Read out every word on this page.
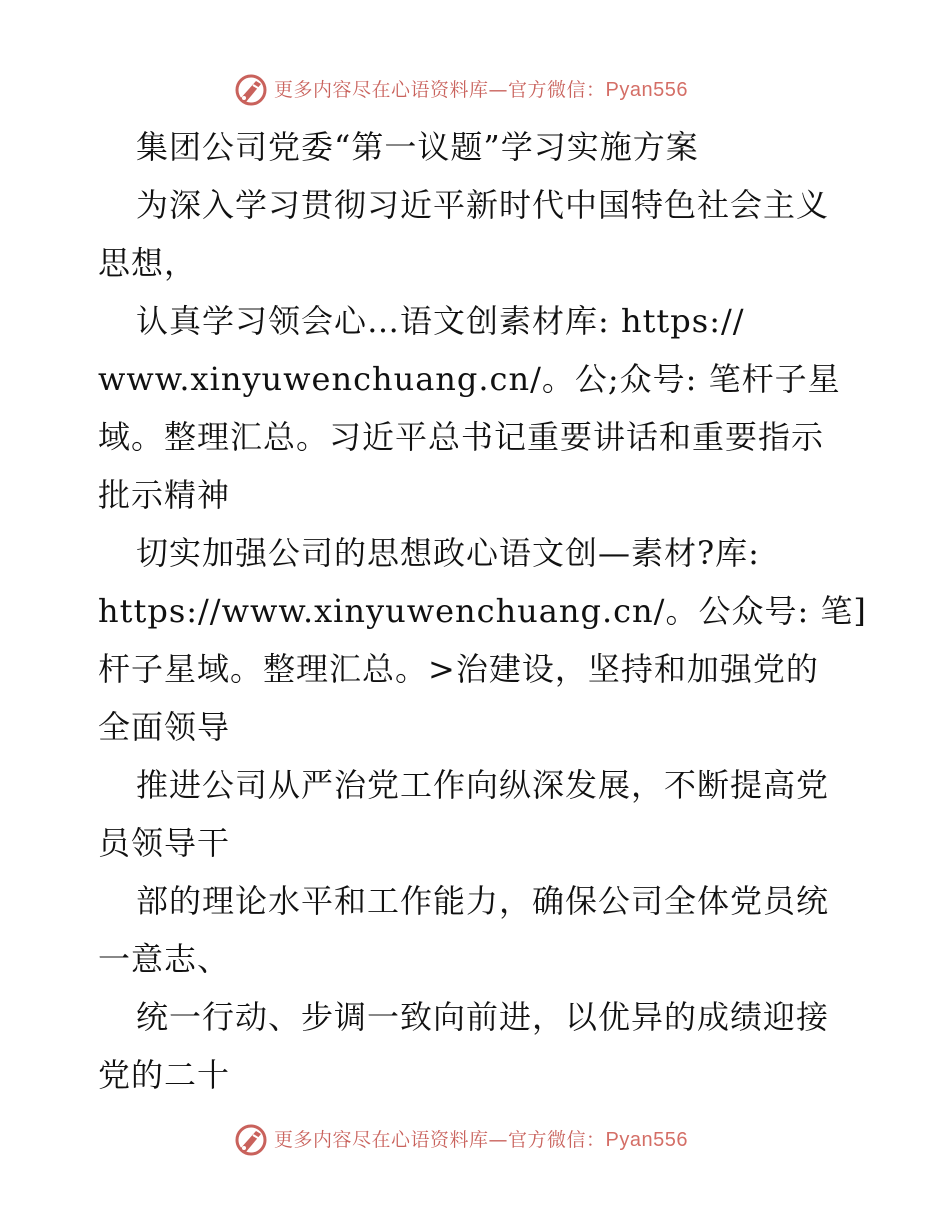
更多内容尽在心语资料库—官方微信：Pyan556
集团公司党委“第一议题”学习实施方案
为深入学习贯彻习近平新时代中国特色社会主义
思想，
认真学习领会心…语文创素材库: https://
www.xinyuwenchuang.cn/。公;众号: 笔杆子星
域。整理汇总。习近平总书记重要讲话和重要指示
批示精神
切实加强公司的思想政心语文创—素材?库:
https://www.xinyuwenchuang.cn/。公众号: 笔]
杆子星域。整理汇总。>治建设，坚持和加强党的
全面领导
推进公司从严治党工作向纵深发展，不断提高党
员领导干
部的理论水平和工作能力，确保公司全体党员统
一意志、
统一行动、步调一致向前进，以优异的成绩迎接
党的二十
更多内容尽在心语资料库—官方微信：Pyan556
